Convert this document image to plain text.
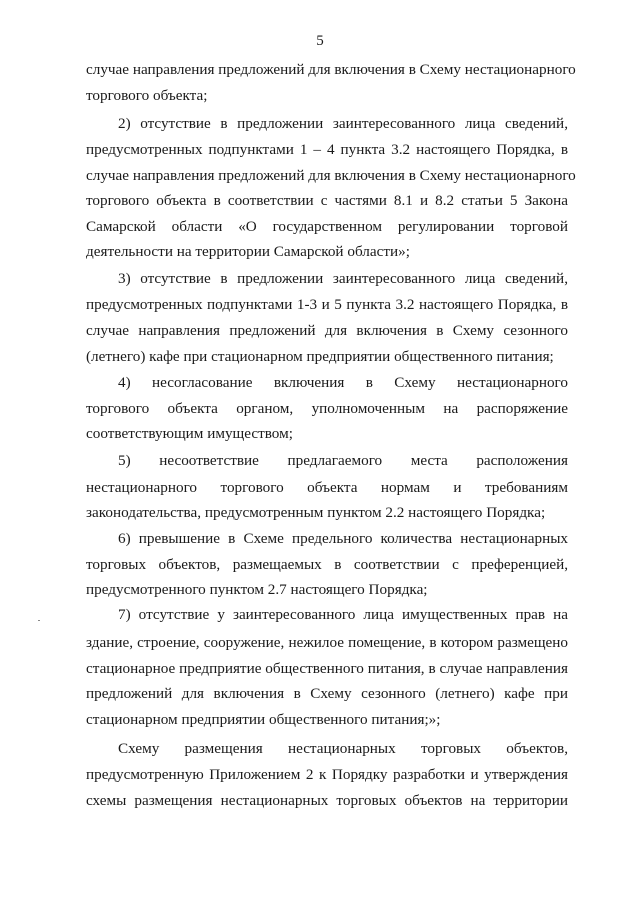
5
случае направления предложений для включения в Схему нестационарного
торгового объекта;
2) отсутствие в предложении заинтересованного лица сведений,
предусмотренных подпунктами 1 – 4 пункта 3.2 настоящего Порядка, в
случае направления предложений для включения в Схему нестационарного
торгового объекта в соответствии с частями 8.1 и 8.2 статьи 5 Закона
Самарской области «О государственном регулировании торговой
деятельности на территории Самарской области»;
3) отсутствие в предложении заинтересованного лица сведений,
предусмотренных подпунктами 1-3 и 5 пункта 3.2 настоящего Порядка, в
случае направления предложений для включения в Схему сезонного
(летнего) кафе при стационарном предприятии общественного питания;
4) несогласование включения в Схему нестационарного
торгового объекта органом, уполномоченным на распоряжение
соответствующим имуществом;
5) несоответствие предлагаемого места расположения
нестационарного торгового объекта нормам и требованиям
законодательства, предусмотренным пунктом 2.2 настоящего Порядка;
6) превышение в Схеме предельного количества нестационарных
торговых объектов, размещаемых в соответствии с преференцией,
предусмотренного пунктом 2.7 настоящего Порядка;
7) отсутствие у заинтересованного лица имущественных прав на
здание, строение, сооружение, нежилое помещение, в котором размещено
стационарное предприятие общественного питания, в случае направления
предложений для включения в Схему сезонного (летнего) кафе при
стационарном предприятии общественного питания;»;
Схему размещения нестационарных торговых объектов,
предусмотренную Приложением 2 к Порядку разработки и утверждения
схемы размещения нестационарных торговых объектов на территории
